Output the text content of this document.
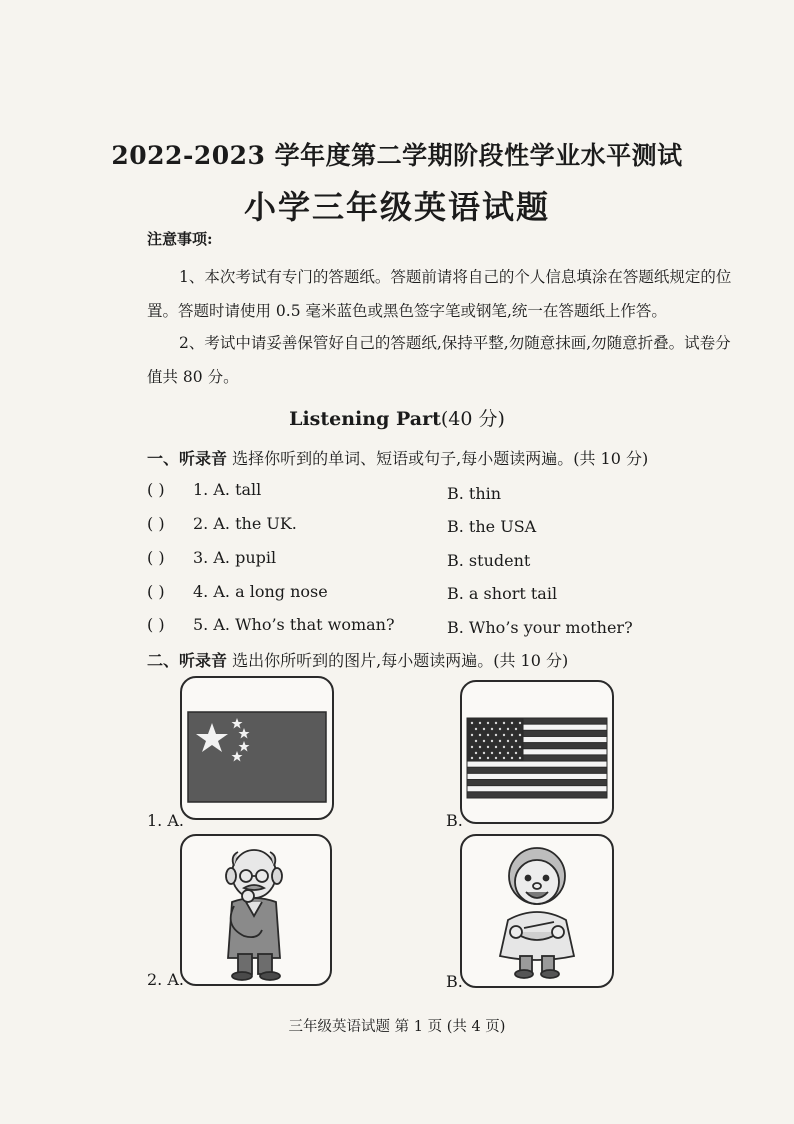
2022-2023 学年度第二学期阶段性学业水平测试
小学三年级英语试题
注意事项:
1、本次考试有专门的答题纸。答题前请将自己的个人信息填涂在答题纸规定的位置。答题时请使用 0.5 毫米蓝色或黑色签字笔或钢笔,统一在答题纸上作答。
2、考试中请妥善保管好自己的答题纸,保持平整,勿随意抹画,勿随意折叠。试卷分值共 80 分。
Listening Part(40 分)
一、听录音 选择你听到的单词、短语或句子,每小题读两遍。(共 10 分)
( ) 1. A. tall	B. thin
( ) 2. A. the UK.	B. the USA
( ) 3. A. pupil	B. student
( ) 4. A. a long nose	B. a short tail
( ) 5. A. Who’s that woman?	B. Who’s your mother?
二、听录音 选出你所听到的图片,每小题读两遍。(共 10 分)
1. A.	B.
2. A.	B.
三年级英语试题 第 1 页 (共 4 页)
